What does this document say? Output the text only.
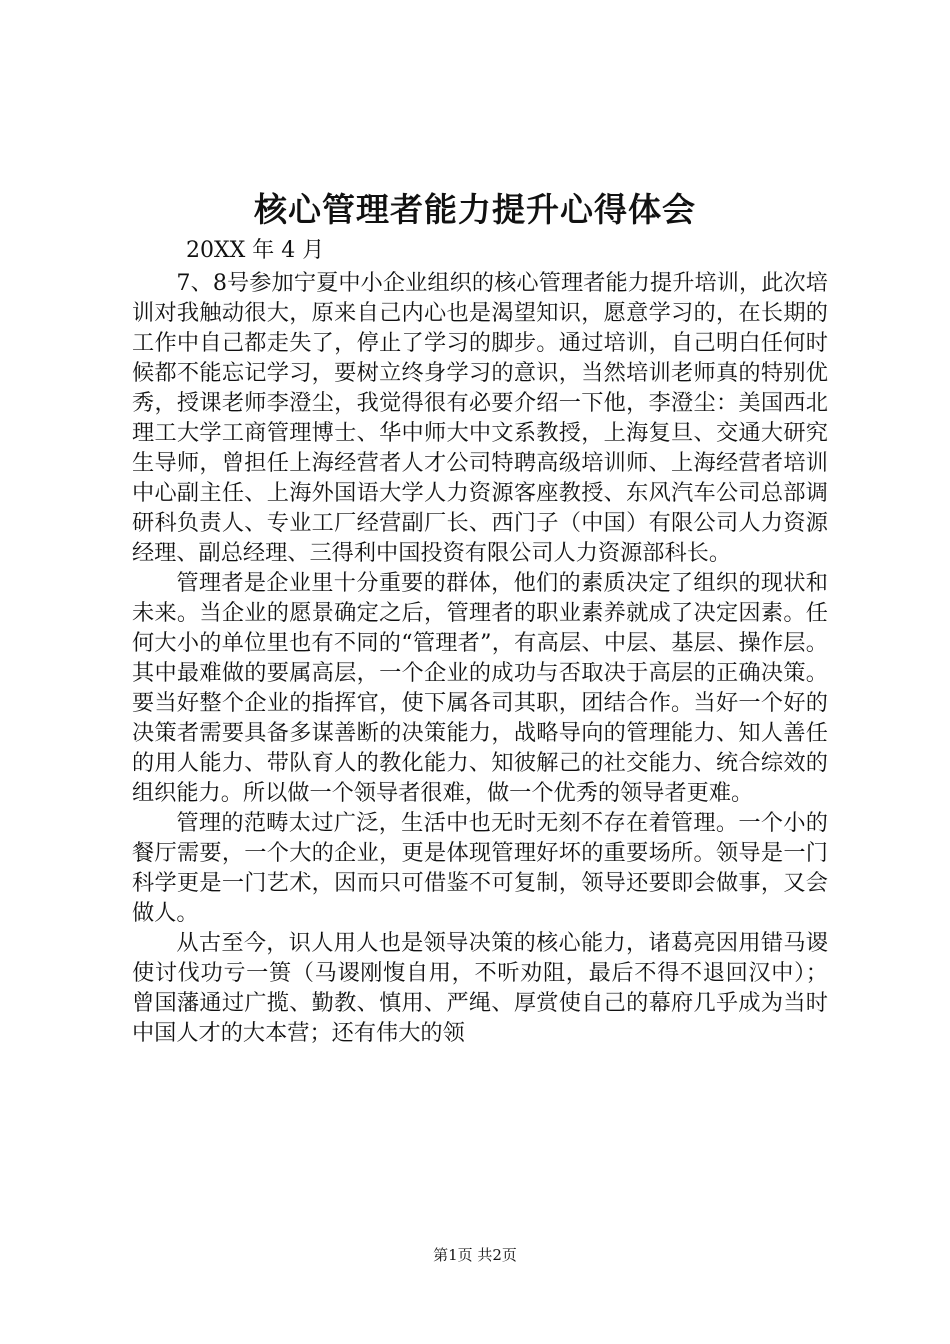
核心管理者能力提升心得体会
20XX 年 4 月

7、8号参加宁夏中小企业组织的核心管理者能力提升培训，此次培训对我触动很大，原来自己内心也是渴望知识，愿意学习的，在长期的工作中自己都走失了，停止了学习的脚步。通过培训，自己明白任何时候都不能忘记学习，要树立终身学习的意识，当然培训老师真的特别优秀，授课老师李澄尘，我觉得很有必要介绍一下他，李澄尘：美国西北理工大学工商管理博士、华中师大中文系教授，上海复旦、交通大研究生导师，曾担任上海经营者人才公司特聘高级培训师、上海经营者培训中心副主任、上海外国语大学人力资源客座教授、东风汽车公司总部调研科负责人、专业工厂经营副厂长、西门子（中国）有限公司人力资源经理、副总经理、三得利中国投资有限公司人力资源部科长。

管理者是企业里十分重要的群体，他们的素质决定了组织的现状和未来。当企业的愿景确定之后，管理者的职业素养就成了决定因素。任何大小的单位里也有不同的“管理者”，有高层、中层、基层、操作层。其中最难做的要属高层，一个企业的成功与否取决于高层的正确决策。要当好整个企业的指挥官，使下属各司其职，团结合作。当好一个好的决策者需要具备多谋善断的决策能力，战略导向的管理能力、知人善任的用人能力、带队育人的教化能力、知彼解己的社交能力、统合综效的组织能力。所以做一个领导者很难，做一个优秀的领导者更难。

管理的范畴太过广泛，生活中也无时无刻不存在着管理。一个小的餐厅需要，一个大的企业，更是体现管理好坏的重要场所。领导是一门科学更是一门艺术，因而只可借鉴不可复制，领导还要即会做事，又会做人。

从古至今，识人用人也是领导决策的核心能力，诸葛亮因用错马谡使讨伐功亏一篑（马谡刚愎自用，不听劝阻，最后不得不退回汉中）；曾国藩通过广揽、勤教、慎用、严绳、厚赏使自己的幕府几乎成为当时中国人才的大本营；还有伟大的领

第1页 共2页
